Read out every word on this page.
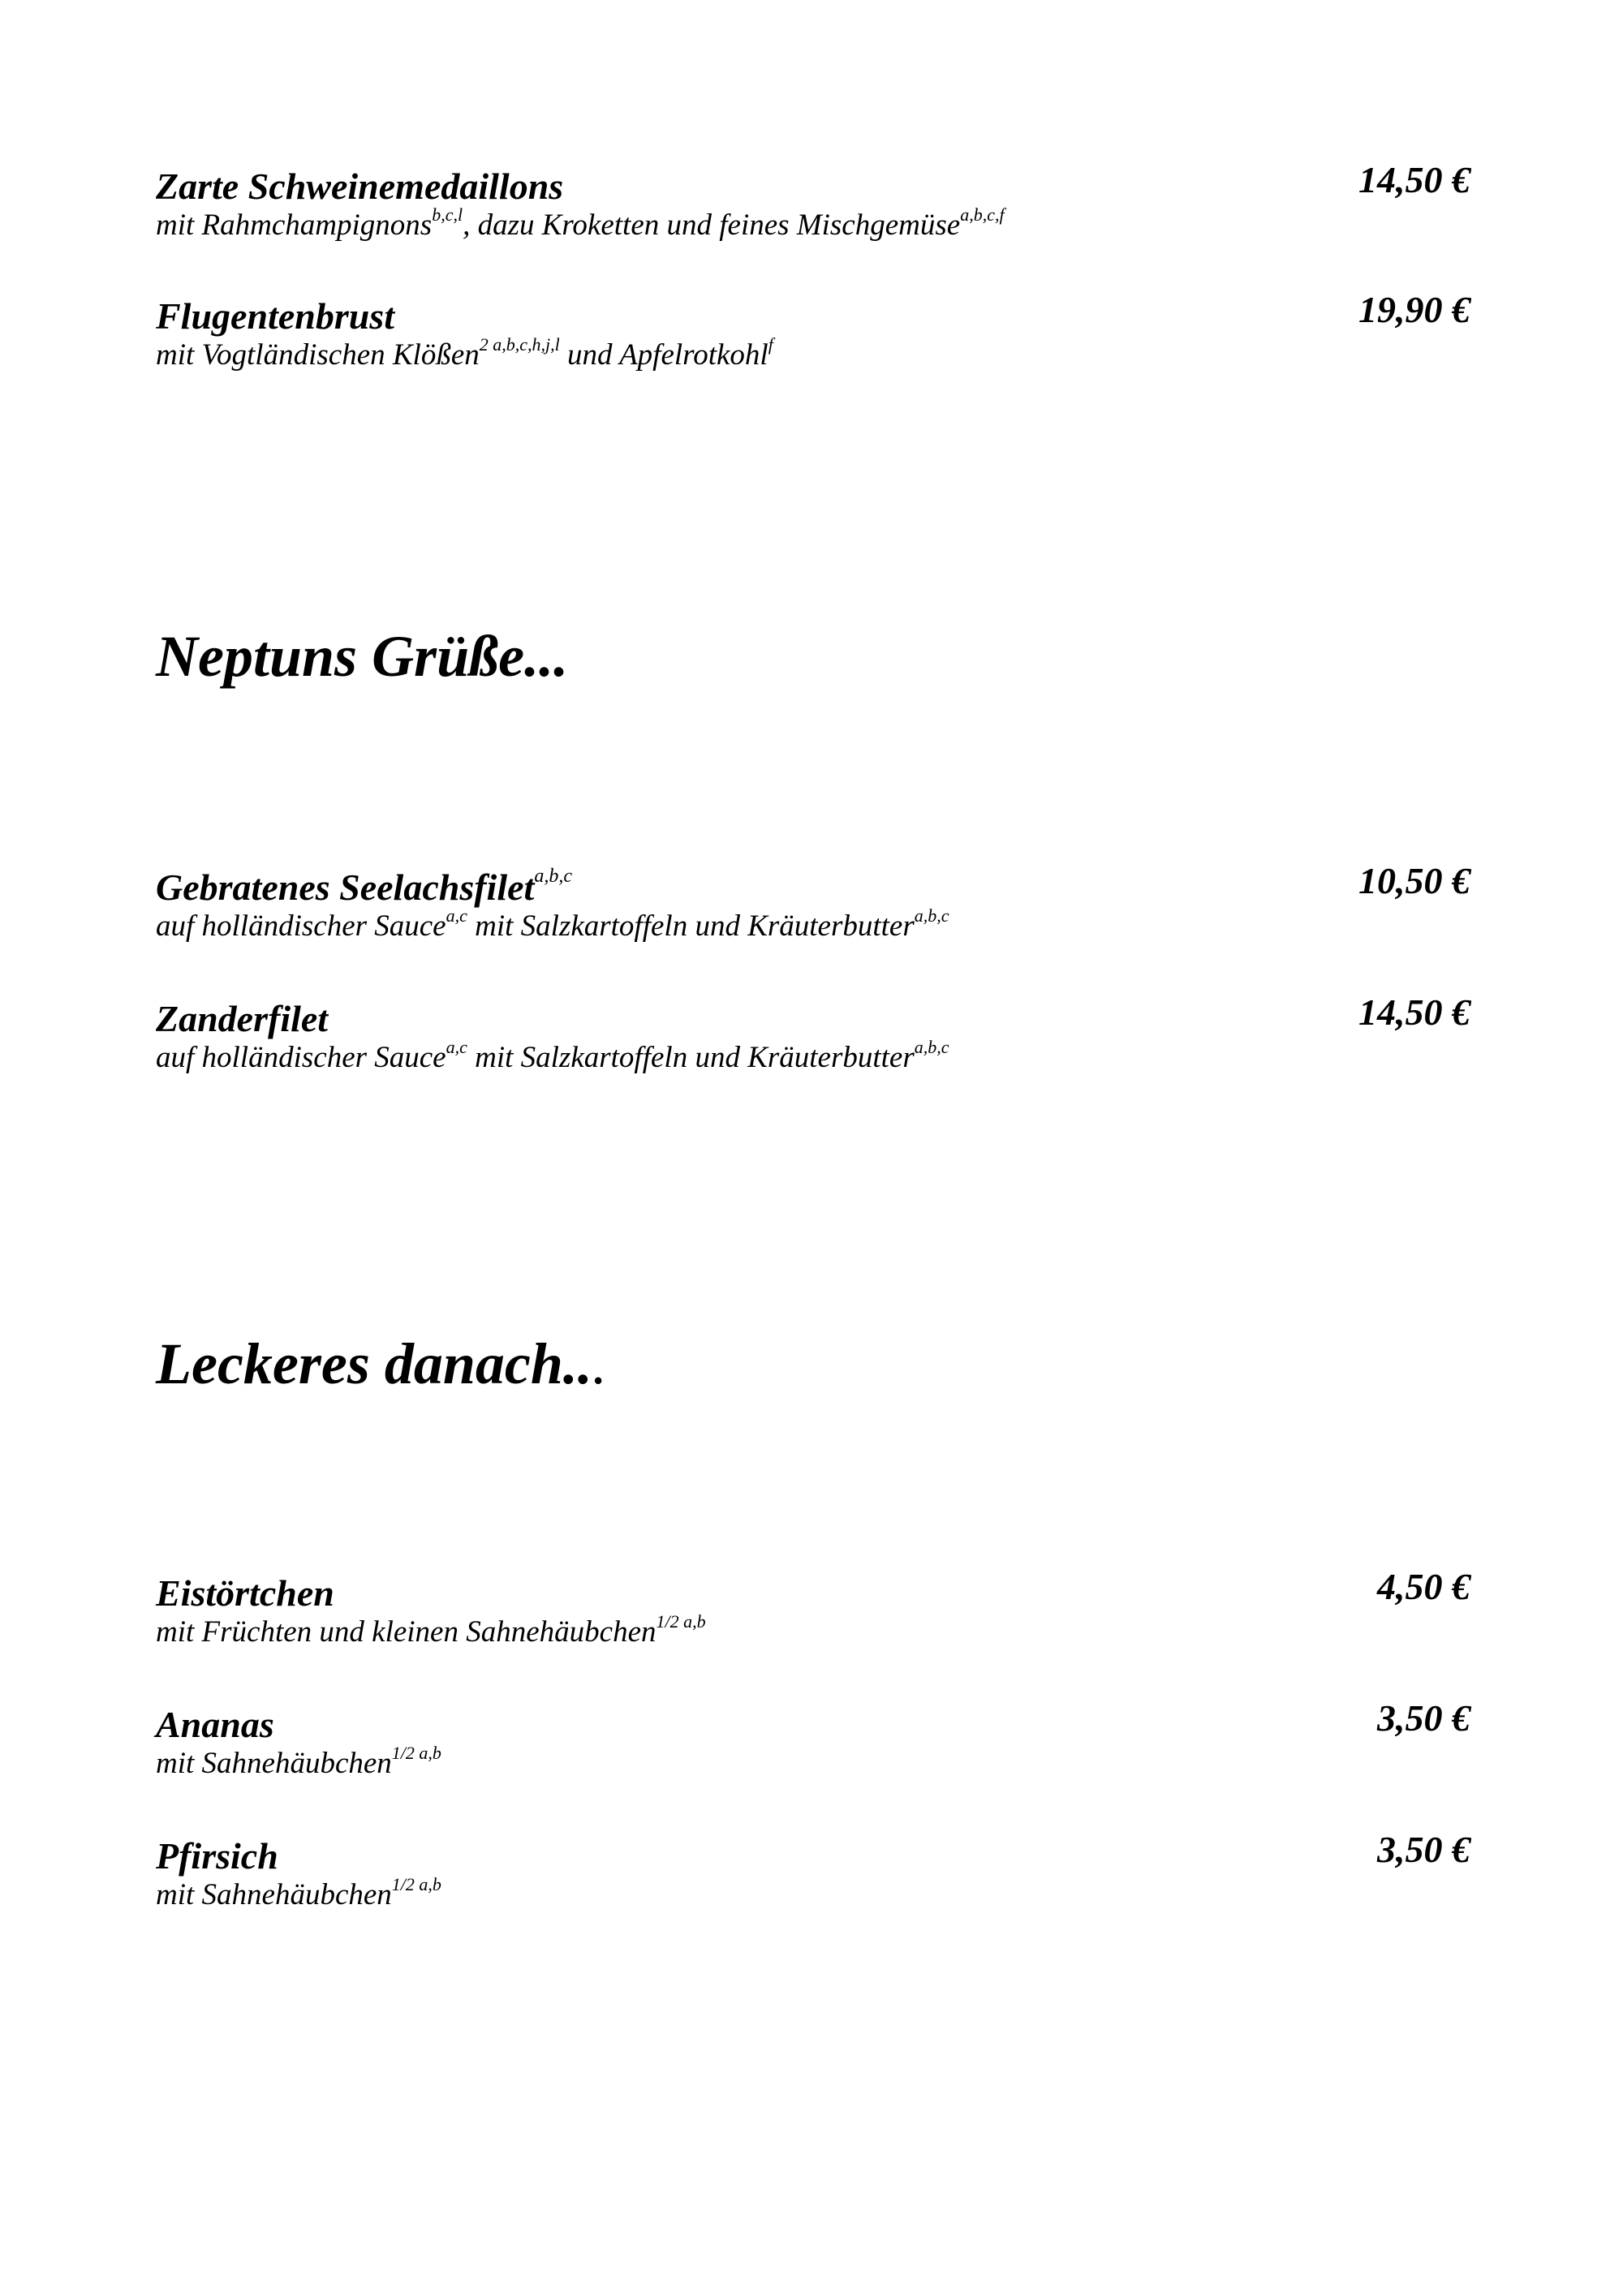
Zarte Schweinemedaillons	14,50 €
mit Rahmchampignons$^{b,c,l}$, dazu Kroketten und feines Mischgemüse$^{a,b,c,f}$
Flugentenbrust	19,90 €
mit Vogtländischen Klößen$^{2 a,b,c,h,j,l}$ und Apfelrotkohl$^f$
Neptuns Grüße...
Gebratenes Seelachsfilet$^{a,b,c}$	10,50 €
auf holländischer Sauce$^{a,c}$ mit Salzkartoffeln und Kräuterbutter$^{a,b,c}$
Zanderfilet	14,50 €
auf holländischer Sauce$^{a,c}$ mit Salzkartoffeln und Kräuterbutter$^{a,b,c}$
Leckeres danach...
Eistörtchen	4,50 €
mit Früchten und kleinen Sahnehäubchen$^{1/2 a,b}$
Ananas	3,50 €
mit Sahnehäubchen$^{1/2 a,b}$
Pfirsich	3,50 €
mit Sahnehäubchen$^{1/2 a,b}$
